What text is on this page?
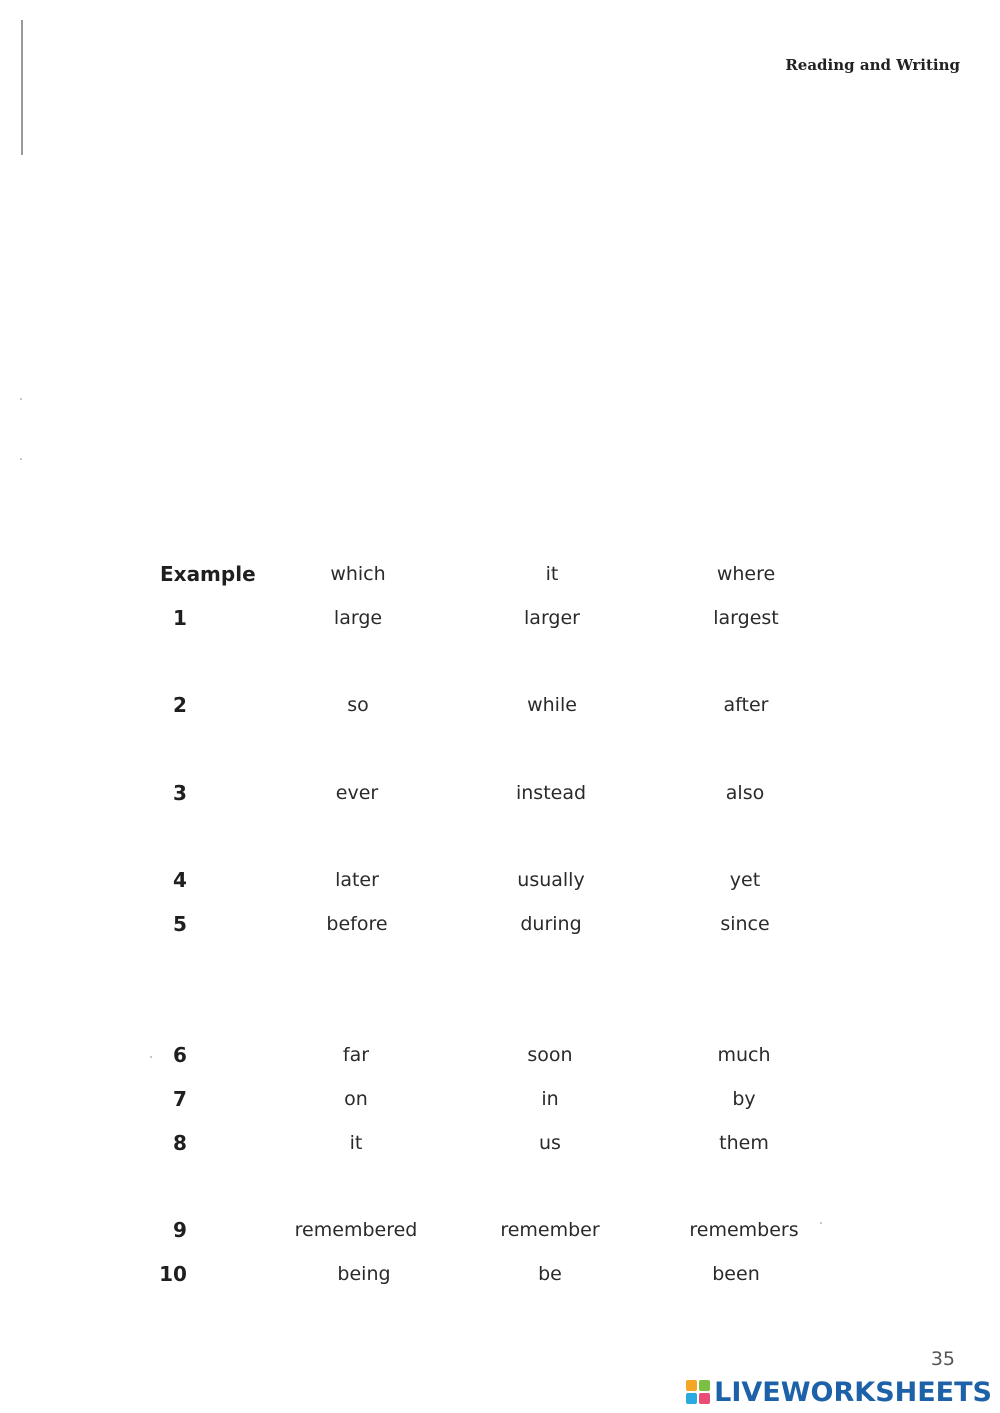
Reading and Writing
Example	which	it	where
1	large	larger	largest
2	so	while	after
3	ever	instead	also
4	later	usually	yet
5	before	during	since
6	far	soon	much
7	on	in	by
8	it	us	them
9	remembered	remember	remembers
10	being	be	been
35
LIVEWORKSHEETS
